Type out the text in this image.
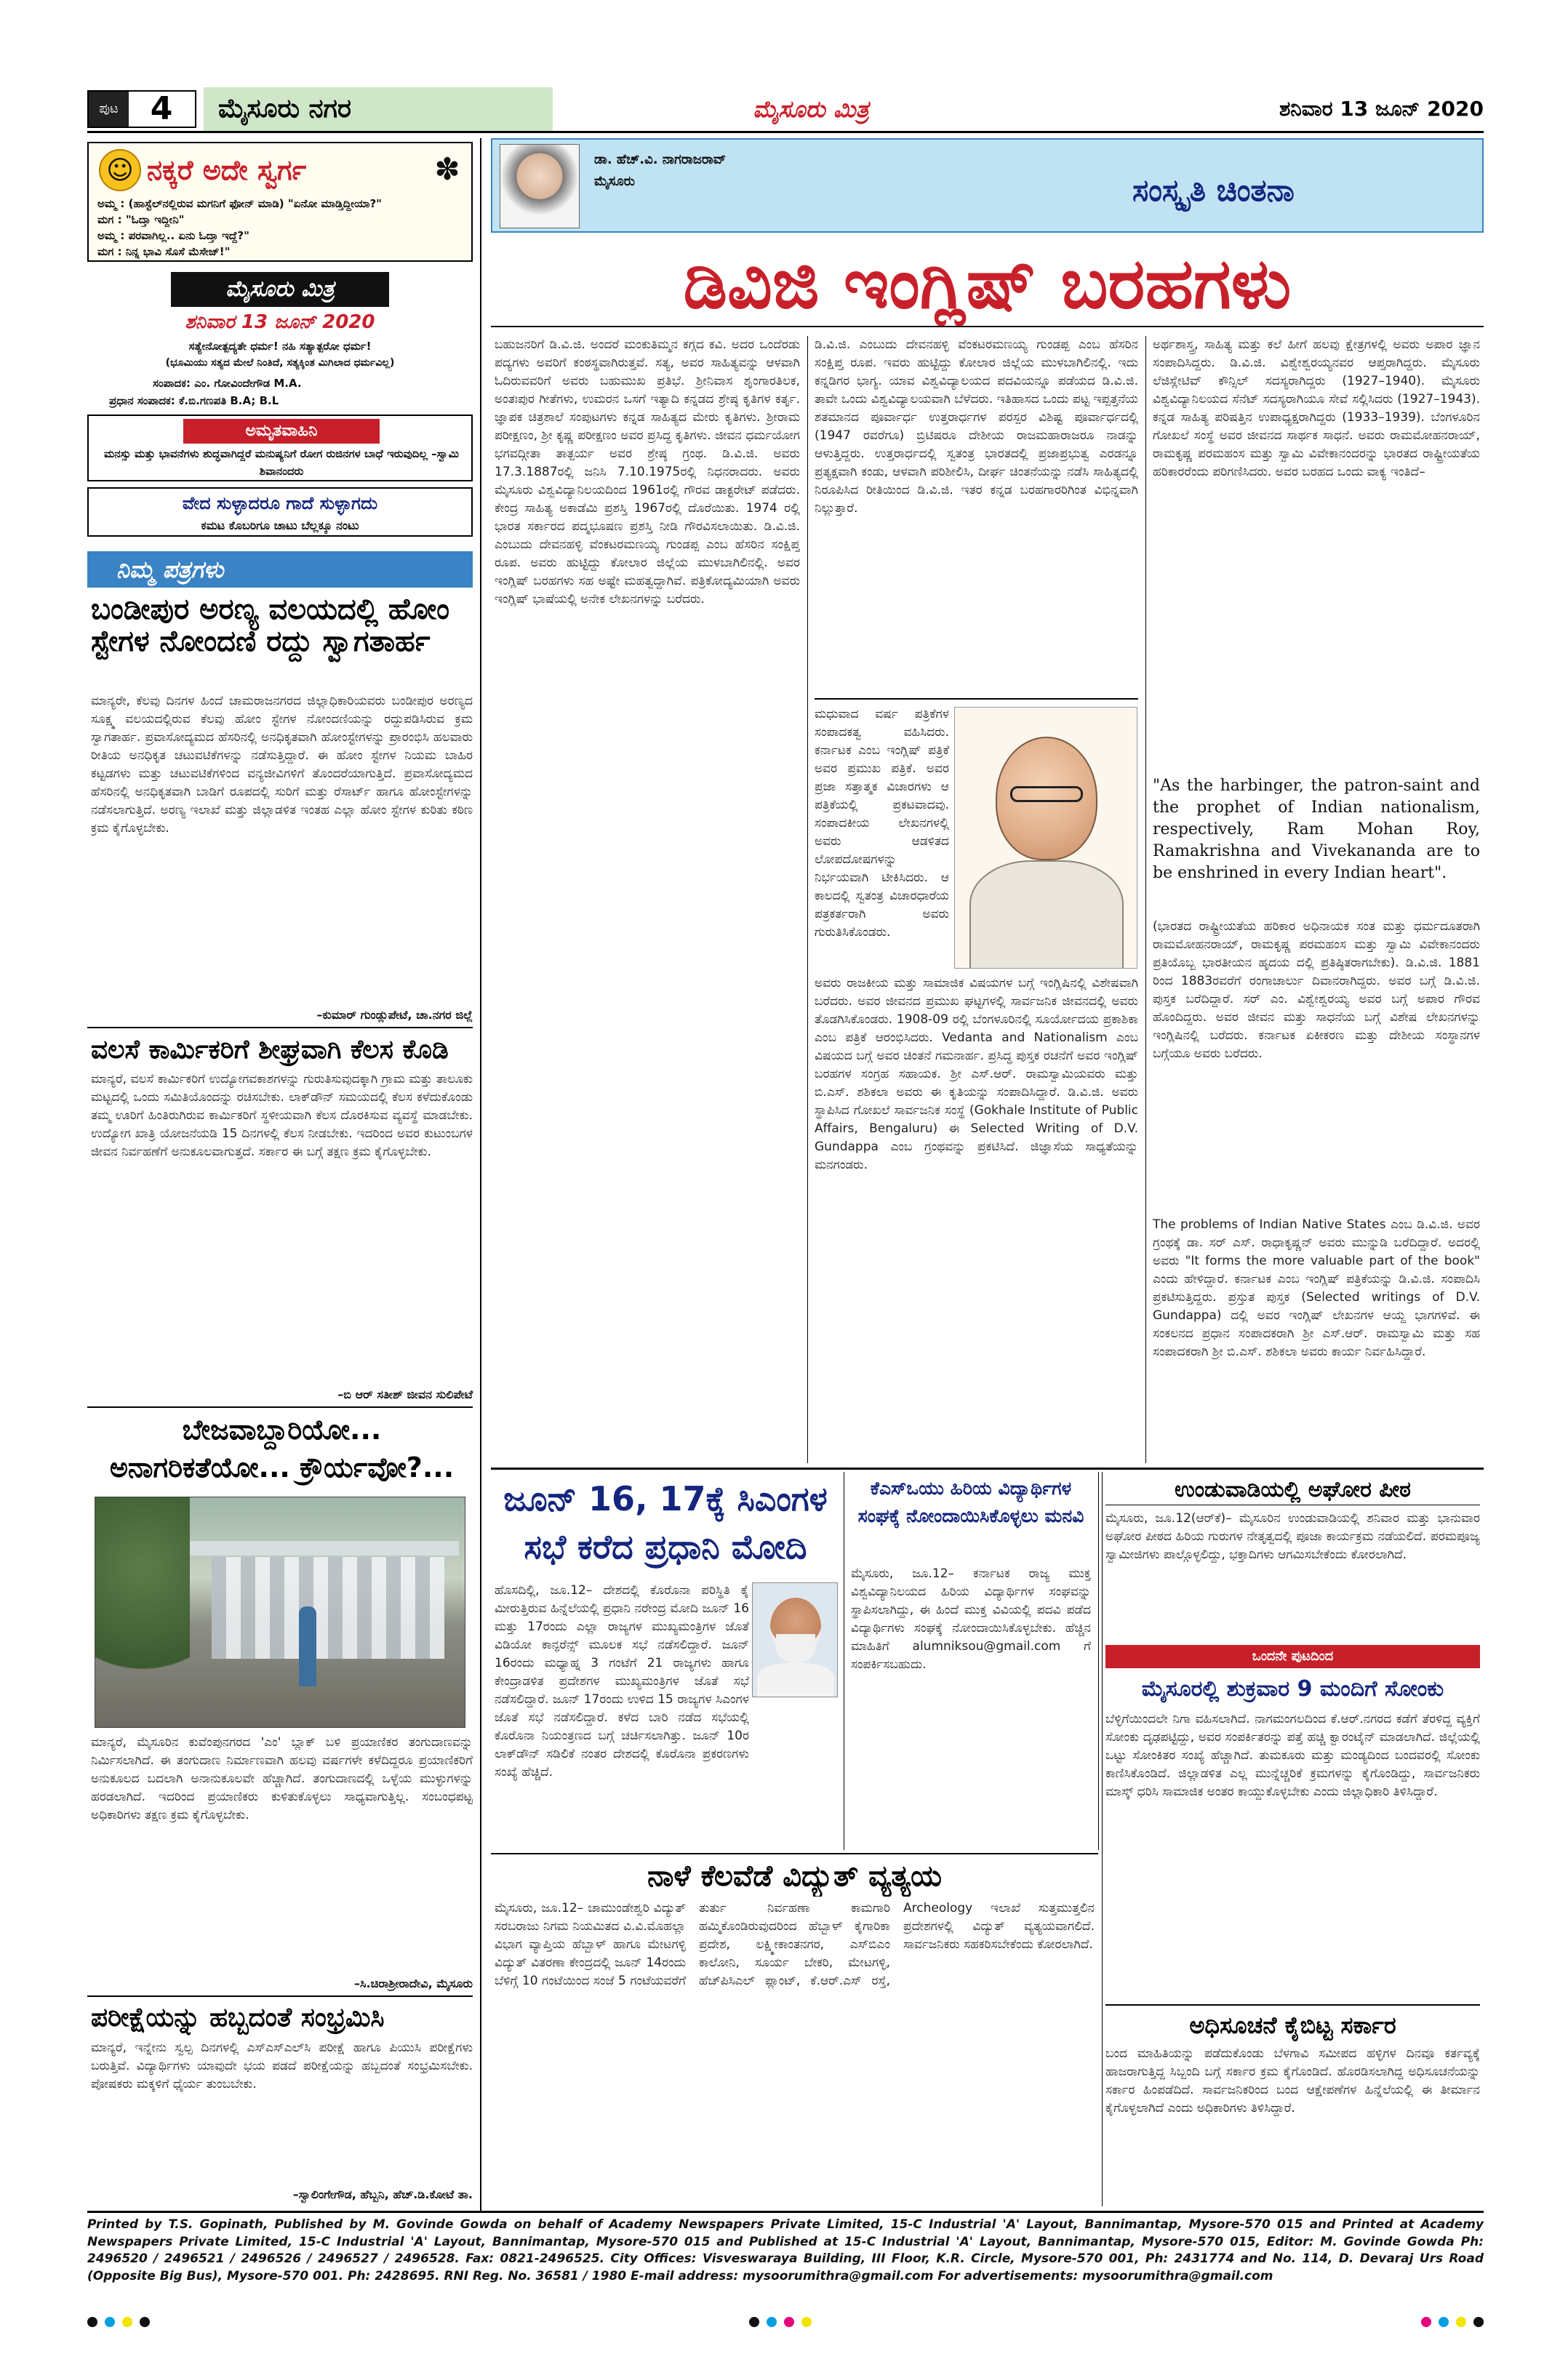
ಪುಟ 4	ಮೈಸೂರು ನಗರ	ಮೈಸೂರು ಮಿತ್ರ	ಶನಿವಾರ 13 ಜೂನ್ 2020
☺ ನಕ್ಕರೆ ಅದೇ ಸ್ವರ್ಗ	✽
ಅಮ್ಮ : (ಹಾಸ್ಟೆಲ್‌ನಲ್ಲಿರುವ ಮಗನಿಗೆ ಫೋನ್ ಮಾಡಿ) "ಏನೋ ಮಾಡ್ತಿದ್ದೀಯಾ?"
ಮಗ : "ಓದ್ತಾ ಇದ್ದೀನಿ"
ಅಮ್ಮ : ಪರವಾಗಿಲ್ಲ.. ಏನು ಓದ್ತಾ ಇದ್ದೆ?"
ಮಗ : ನಿನ್ನ ಭಾವಿ ಸೊಸೆ ಮೆಸೇಜ್!"
ಮೈಸೂರು ಮಿತ್ರ
ಶನಿವಾರ 13 ಜೂನ್ 2020
ಸತ್ಯೇನೋತ್ಪದ್ಯತೇ ಧರ್ಮ! ನಹಿ ಸತ್ಯಾತ್ಪರೋ ಧರ್ಮ!
(ಭೂಮಿಯು ಸತ್ಯದ ಮೇಲೆ ನಿಂತಿದೆ, ಸತ್ಯಕ್ಕಿಂತ ಮಿಗಿಲಾದ ಧರ್ಮವಿಲ್ಲ)
ಸಂಪಾದಕ: ಎಂ. ಗೋವಿಂದೇಗೌಡ M.A.
ಪ್ರಧಾನ ಸಂಪಾದಕ: ಕೆ.ಬಿ.ಗಣಪತಿ B.A; B.L
ಅಮೃತವಾಹಿನಿ
ಮನಸ್ಸು ಮತ್ತು ಭಾವನೆಗಳು ಶುದ್ಧವಾಗಿದ್ದರೆ ಮನುಷ್ಯನಿಗೆ ರೋಗ ರುಜಿನಗಳ ಬಾಧೆ ಇರುವುದಿಲ್ಲ –ಸ್ವಾಮಿ ಶಿವಾನಂದರು
ವೇದ ಸುಳ್ಳಾದರೂ ಗಾದೆ ಸುಳ್ಳಾಗದು
ಕಮಟ ಕೊಬರಿಗೂ ಚಾಟು ಬೆಲ್ಲಕ್ಕೂ ನಂಟು
ನಿಮ್ಮ ಪತ್ರಗಳು
ಬಂಡೀಪುರ ಅರಣ್ಯ ವಲಯದಲ್ಲಿ ಹೋಂ ಸ್ಟೇಗಳ ನೋಂದಣಿ ರದ್ದು ಸ್ವಾಗತಾರ್ಹ
ಮಾನ್ಯರೇ, ಕೆಲವು ದಿನಗಳ ಹಿಂದೆ ಚಾಮರಾಜನಗರದ ಜಿಲ್ಲಾಧಿಕಾರಿಯವರು ಬಂಡೀಪುರ ಅರಣ್ಯದ ಸೂಕ್ಷ್ಮ ವಲಯದಲ್ಲಿರುವ ಕೆಲವು ಹೋಂ ಸ್ಟೇಗಳ ನೋಂದಣಿಯನ್ನು ರದ್ದುಪಡಿಸಿರುವ ಕ್ರಮ ಸ್ವಾಗತಾರ್ಹ. ಪ್ರವಾಸೋದ್ಯಮದ ಹೆಸರಿನಲ್ಲಿ ಅನಧಿಕೃತವಾಗಿ ಹೋಂಸ್ಟೇಗಳನ್ನು ಪ್ರಾರಂಭಿಸಿ ಹಲವಾರು ರೀತಿಯ ಅನಧಿಕೃತ ಚಟುವಟಿಕೆಗಳನ್ನು ನಡೆಸುತ್ತಿದ್ದಾರೆ. ಈ ಹೋಂ ಸ್ಟೇಗಳ ನಿಯಮ ಬಾಹಿರ ಕಟ್ಟಡಗಳು ಮತ್ತು ಚಟುವಟಿಕೆಗಳಿಂದ ವನ್ಯಜೀವಿಗಳಿಗೆ ತೊಂದರೆಯಾಗುತ್ತಿದೆ. ಪ್ರವಾಸೋದ್ಯಮದ ಹೆಸರಿನಲ್ಲಿ ಅನಧಿಕೃತವಾಗಿ ಬಾಡಿಗೆ ರೂಪದಲ್ಲಿ ಸುರಿಗೆ ಮತ್ತು ರೆಸಾರ್ಟ್ ಹಾಗೂ ಹೋಂಸ್ಟೇಗಳನ್ನು ನಡೆಸಲಾಗುತ್ತಿದೆ. ಅರಣ್ಯ ಇಲಾಖೆ ಮತ್ತು ಜಿಲ್ಲಾಡಳಿತ ಇಂತಹ ಎಲ್ಲಾ ಹೋಂ ಸ್ಟೇಗಳ ಕುರಿತು ಕಠಿಣ ಕ್ರಮ ಕೈಗೊಳ್ಳಬೇಕು.
–ಕುಮಾರ್ ಗುಂಡ್ಲುಪೇಟೆ, ಚಾ.ನಗರ ಜಿಲ್ಲೆ
ವಲಸೆ ಕಾರ್ಮಿಕರಿಗೆ ಶೀಘ್ರವಾಗಿ ಕೆಲಸ ಕೊಡಿ
ಮಾನ್ಯರೆ, ವಲಸೆ ಕಾರ್ಮಿಕರಿಗೆ ಉದ್ಯೋಗವಕಾಶಗಳನ್ನು ಗುರುತಿಸುವುದಕ್ಕಾಗಿ ಗ್ರಾಮ ಮತ್ತು ತಾಲೂಕು ಮಟ್ಟದಲ್ಲಿ ಒಂದು ಸಮಿತಿಯೊಂದನ್ನು ರಚಿಸಬೇಕು. ಲಾಕ್‌ಡೌನ್ ಸಮಯದಲ್ಲಿ ಕೆಲಸ ಕಳೆದುಕೊಂಡು ತಮ್ಮ ಊರಿಗೆ ಹಿಂತಿರುಗಿರುವ ಕಾರ್ಮಿಕರಿಗೆ ಸ್ಥಳೀಯವಾಗಿ ಕೆಲಸ ದೊರಕಿಸುವ ವ್ಯವಸ್ಥೆ ಮಾಡಬೇಕು. ಉದ್ಯೋಗ ಖಾತ್ರಿ ಯೋಜನೆಯಡಿ 15 ದಿನಗಳಲ್ಲಿ ಕೆಲಸ ನೀಡಬೇಕು. ಇದರಿಂದ ಅವರ ಕುಟುಂಬಗಳ ಜೀವನ ನಿರ್ವಹಣೆಗೆ ಅನುಕೂಲವಾಗುತ್ತದೆ. ಸರ್ಕಾರ ಈ ಬಗ್ಗೆ ತಕ್ಷಣ ಕ್ರಮ ಕೈಗೊಳ್ಳಬೇಕು.
–ಬಿ ಆರ್ ಸತೀಶ್ ಜೀವನ ಸುಲಿಪೇಟೆ
ಬೇಜವಾಬ್ದಾರಿಯೋ... ಅನಾಗರಿಕತೆಯೋ... ಕ್ರೌರ್ಯವೋ?...
ಮಾನ್ಯರೆ, ಮೈಸೂರಿನ ಕುವೆಂಪುನಗರದ 'ಎಂ' ಬ್ಲಾಕ್ ಬಳಿ ಪ್ರಯಾಣಿಕರ ತಂಗುದಾಣವನ್ನು ನಿರ್ಮಿಸಲಾಗಿದೆ. ಈ ತಂಗುದಾಣ ನಿರ್ಮಾಣವಾಗಿ ಹಲವು ವರ್ಷಗಳೇ ಕಳೆದಿದ್ದರೂ ಪ್ರಯಾಣಿಕರಿಗೆ ಅನುಕೂಲದ ಬದಲಾಗಿ ಅನಾನುಕೂಲವೇ ಹೆಚ್ಚಾಗಿದೆ. ತಂಗುದಾಣದಲ್ಲಿ ಒಳ್ಳೆಯ ಮುಳ್ಳುಗಳನ್ನು ಹರಡಲಾಗಿದೆ. ಇದರಿಂದ ಪ್ರಯಾಣಿಕರು ಕುಳಿತುಕೊಳ್ಳಲು ಸಾಧ್ಯವಾಗುತ್ತಿಲ್ಲ. ಸಂಬಂಧಪಟ್ಟ ಅಧಿಕಾರಿಗಳು ತಕ್ಷಣ ಕ್ರಮ ಕೈಗೊಳ್ಳಬೇಕು.
–ಸಿ.ಚಿರಾಶ್ರೀರಾದೇವಿ, ಮೈಸೂರು
ಪರೀಕ್ಷೆಯನ್ನು ಹಬ್ಬದಂತೆ ಸಂಭ್ರಮಿಸಿ
ಮಾನ್ಯರೆ, ಇನ್ನೇನು ಸ್ವಲ್ಪ ದಿನಗಳಲ್ಲಿ ಎಸ್‌ಎಸ್‌ಎಲ್‌ಸಿ ಪರೀಕ್ಷೆ ಹಾಗೂ ಪಿಯುಸಿ ಪರೀಕ್ಷೆಗಳು ಬರುತ್ತಿವೆ. ವಿದ್ಯಾರ್ಥಿಗಳು ಯಾವುದೇ ಭಯ ಪಡದೆ ಪರೀಕ್ಷೆಯನ್ನು ಹಬ್ಬದಂತೆ ಸಂಭ್ರಮಿಸಬೇಕು. ಪೋಷಕರು ಮಕ್ಕಳಿಗೆ ಧೈರ್ಯ ತುಂಬಬೇಕು.
–ಸ್ವಾಲಿಂಗೇಗೌಡ, ಹೆಬ್ಬನಿ, ಹೆಚ್.ಡಿ.ಕೋಟೆ ತಾ.
ಡಾ. ಹೆಚ್.ವಿ. ನಾಗರಾಜರಾವ್
ಮೈಸೂರು	ಸಂಸ್ಕೃತಿ ಚಿಂತನಾ
ಡಿವಿಜಿ ಇಂಗ್ಲಿಷ್ ಬರಹಗಳು
ಬಹುಜನರಿಗೆ ಡಿ.ವಿ.ಜಿ. ಅಂದರೆ ಮಂಕುತಿಮ್ಮನ ಕಗ್ಗದ ಕವಿ. ಅದರ ಒಂದೆರಡು ಪದ್ಯಗಳು ಅವರಿಗೆ ಕಂಠಸ್ಥವಾಗಿರುತ್ತವೆ. ಸತ್ಯ, ಅವರ ಸಾಹಿತ್ಯವನ್ನು ಆಳವಾಗಿ ಓದಿರುವವರಿಗೆ ಅವರು ಬಹುಮುಖ ಪ್ರತಿಭೆ. ಶ್ರೀನಿವಾಸ ಶೃಂಗಾರತಿಲಕ, ಅಂತಃಪುರ ಗೀತೆಗಳು, ಉಮರನ ಒಸಗೆ ಇತ್ಯಾದಿ ಕನ್ನಡದ ಶ್ರೇಷ್ಠ ಕೃತಿಗಳ ಕರ್ತೃ. ಜ್ಞಾಪಕ ಚಿತ್ರಶಾಲೆ ಸಂಪುಟಗಳು ಕನ್ನಡ ಸಾಹಿತ್ಯದ ಮೇರು ಕೃತಿಗಳು. ಶ್ರೀರಾಮ ಪರೀಕ್ಷಣಂ, ಶ್ರೀ ಕೃಷ್ಣ ಪರೀಕ್ಷಣಂ ಅವರ ಪ್ರಸಿದ್ಧ ಕೃತಿಗಳು. ಜೀವನ ಧರ್ಮಯೋಗ ಭಗವದ್ಗೀತಾ ತಾತ್ಪರ್ಯ ಅವರ ಶ್ರೇಷ್ಠ ಗ್ರಂಥ. ಡಿ.ವಿ.ಜಿ. ಅವರು 17.3.1887ರಲ್ಲಿ ಜನಿಸಿ 7.10.1975ರಲ್ಲಿ ನಿಧನರಾದರು. ಅವರು ಮೈಸೂರು ವಿಶ್ವವಿದ್ಯಾನಿಲಯದಿಂದ 1961ರಲ್ಲಿ ಗೌರವ ಡಾಕ್ಟರೇಟ್ ಪಡೆದರು. ಕೇಂದ್ರ ಸಾಹಿತ್ಯ ಅಕಾಡೆಮಿ ಪ್ರಶಸ್ತಿ 1967ರಲ್ಲಿ ದೊರೆಯಿತು. 1974 ರಲ್ಲಿ ಭಾರತ ಸರ್ಕಾರದ ಪದ್ಮಭೂಷಣ ಪ್ರಶಸ್ತಿ ನೀಡಿ ಗೌರವಿಸಲಾಯಿತು. ಡಿ.ವಿ.ಜಿ. ಎಂಬುದು ದೇವನಹಳ್ಳಿ ವೆಂಕಟರಮಣಯ್ಯ ಗುಂಡಪ್ಪ ಎಂಬ ಹೆಸರಿನ ಸಂಕ್ಷಿಪ್ತ ರೂಪ. ಅವರು ಹುಟ್ಟಿದ್ದು ಕೋಲಾರ ಜಿಲ್ಲೆಯ ಮುಳಬಾಗಿಲಿನಲ್ಲಿ. ಅವರ ಇಂಗ್ಲಿಷ್ ಬರಹಗಳು ಸಹ ಅಷ್ಟೇ ಮಹತ್ವದ್ದಾಗಿವೆ. ಪತ್ರಿಕೋದ್ಯಮಿಯಾಗಿ ಅವರು ಇಂಗ್ಲಿಷ್ ಭಾಷೆಯಲ್ಲಿ ಅನೇಕ ಲೇಖನಗಳನ್ನು ಬರೆದರು.
ಡಿ.ವಿ.ಜಿ. ಎಂಬುದು ದೇವನಹಳ್ಳಿ ವೆಂಕಟರಮಣಯ್ಯ ಗುಂಡಪ್ಪ ಎಂಬ ಹೆಸರಿನ ಸಂಕ್ಷಿಪ್ತ ರೂಪ. ಇವರು ಹುಟ್ಟಿದ್ದು ಕೋಲಾರ ಜಿಲ್ಲೆಯ ಮುಳಬಾಗಿಲಿನಲ್ಲಿ. ಇದು ಕನ್ನಡಿಗರ ಭಾಗ್ಯ. ಯಾವ ವಿಶ್ವವಿದ್ಯಾಲಯದ ಪದವಿಯನ್ನೂ ಪಡೆಯದ ಡಿ.ವಿ.ಜಿ. ತಾವೇ ಒಂದು ವಿಶ್ವವಿದ್ಯಾಲಯವಾಗಿ ಬೆಳೆದರು. ಇತಿಹಾಸದ ಒಂದು ಪಟ್ಟ ಇಪ್ಪತ್ತನೆಯ ಶತಮಾನದ ಪೂರ್ವಾರ್ಧ ಉತ್ತರಾರ್ಧಗಳ ಪರಸ್ಪರ ವಿಶಿಷ್ಟ ಪೂರ್ವಾರ್ಧದಲ್ಲಿ (1947 ರವರೆಗೂ) ಬ್ರಿಟಿಷರೂ ದೇಶೀಯ ರಾಜಮಹಾರಾಜರೂ ನಾಡನ್ನು ಆಳುತ್ತಿದ್ದರು. ಉತ್ತರಾರ್ಧದಲ್ಲಿ ಸ್ವತಂತ್ರ ಭಾರತದಲ್ಲಿ ಪ್ರಜಾಪ್ರಭುತ್ವ ಎರಡನ್ನೂ ಪ್ರತ್ಯಕ್ಷವಾಗಿ ಕಂಡು, ಆಳವಾಗಿ ಪರಿಶೀಲಿಸಿ, ದೀರ್ಘ ಚಿಂತನೆಯನ್ನು ನಡೆಸಿ ಸಾಹಿತ್ಯದಲ್ಲಿ ನಿರೂಪಿಸಿದ ರೀತಿಯಿಂದ ಡಿ.ವಿ.ಜಿ. ಇತರ ಕನ್ನಡ ಬರಹಗಾರರಿಗಿಂತ ವಿಭಿನ್ನವಾಗಿ ನಿಲ್ಲುತ್ತಾರೆ.
ಮಧುವಾದ ವರ್ಷ ಪತ್ರಿಕೆಗಳ ಸಂಪಾದಕತ್ವ ವಹಿಸಿದರು. ಕರ್ನಾಟಕ ಎಂಬ ಇಂಗ್ಲಿಷ್ ಪತ್ರಿಕೆ ಅವರ ಪ್ರಮುಖ ಪತ್ರಿಕೆ. ಅವರ ಪ್ರಜಾ ಸತ್ತಾತ್ಮಕ ವಿಚಾರಗಳು ಆ ಪತ್ರಿಕೆಯಲ್ಲಿ ಪ್ರಕಟವಾದವು. ಸಂಪಾದಕೀಯ ಲೇಖನಗಳಲ್ಲಿ ಅವರು ಆಡಳಿತದ ಲೋಪದೋಷಗಳನ್ನು ನಿರ್ಭಯವಾಗಿ ಟೀಕಿಸಿದರು. ಆ ಕಾಲದಲ್ಲಿ ಸ್ವತಂತ್ರ ವಿಚಾರಧಾರೆಯ ಪತ್ರಕರ್ತರಾಗಿ ಅವರು ಗುರುತಿಸಿಕೊಂಡರು.
ಅವರು ರಾಜಕೀಯ ಮತ್ತು ಸಾಮಾಜಿಕ ವಿಷಯಗಳ ಬಗ್ಗೆ ಇಂಗ್ಲಿಷಿನಲ್ಲಿ ವಿಶೇಷವಾಗಿ ಬರೆದರು. ಅವರ ಜೀವನದ ಪ್ರಮುಖ ಘಟ್ಟಗಳಲ್ಲಿ ಸಾರ್ವಜನಿಕ ಜೀವನದಲ್ಲಿ ಅವರು ತೊಡಗಿಸಿಕೊಂಡರು. 1908-09 ರಲ್ಲಿ ಬೆಂಗಳೂರಿನಲ್ಲಿ ಸೂರ್ಯೋದಯ ಪ್ರಕಾಶಿಕಾ ಎಂಬ ಪತ್ರಿಕೆ ಆರಂಭಿಸಿದರು. Vedanta and Nationalism ಎಂಬ ವಿಷಯದ ಬಗ್ಗೆ ಅವರ ಚಿಂತನೆ ಗಮನಾರ್ಹ. ಪ್ರಸಿದ್ಧ ಪುಸ್ತಕ ರಚನೆಗೆ ಅವರ ಇಂಗ್ಲಿಷ್ ಬರಹಗಳ ಸಂಗ್ರಹ ಸಹಾಯಕ. ಶ್ರೀ ಎಸ್.ಆರ್. ರಾಮಸ್ವಾಮಿಯವರು ಮತ್ತು ಬಿ.ಎಸ್. ಶಶಿಕಲಾ ಅವರು ಈ ಕೃತಿಯನ್ನು ಸಂಪಾದಿಸಿದ್ದಾರೆ. ಡಿ.ವಿ.ಜಿ. ಅವರು ಸ್ಥಾಪಿಸಿದ ಗೋಖಲೆ ಸಾರ್ವಜನಿಕ ಸಂಸ್ಥೆ (Gokhale Institute of Public Affairs, Bengaluru) ಈ Selected Writing of D.V. Gundappa ಎಂಬ ಗ್ರಂಥವನ್ನು ಪ್ರಕಟಿಸಿದೆ. ಜಿಜ್ಞಾಸೆಯ ಸಾಧ್ಯತೆಯನ್ನು ಮನಗಂಡರು.
ಅರ್ಥಶಾಸ್ತ್ರ, ಸಾಹಿತ್ಯ ಮತ್ತು ಕಲೆ ಹೀಗೆ ಹಲವು ಕ್ಷೇತ್ರಗಳಲ್ಲಿ ಅವರು ಅಪಾರ ಜ್ಞಾನ ಸಂಪಾದಿಸಿದ್ದರು. ಡಿ.ವಿ.ಜಿ. ವಿಶ್ವೇಶ್ವರಯ್ಯನವರ ಆಪ್ತರಾಗಿದ್ದರು. ಮೈಸೂರು ಲೆಜಿಸ್ಲೇಟಿವ್ ಕೌನ್ಸಿಲ್ ಸದಸ್ಯರಾಗಿದ್ದರು (1927–1940). ಮೈಸೂರು ವಿಶ್ವವಿದ್ಯಾನಿಲಯದ ಸೆನೆಟ್ ಸದಸ್ಯರಾಗಿಯೂ ಸೇವೆ ಸಲ್ಲಿಸಿದರು (1927–1943). ಕನ್ನಡ ಸಾಹಿತ್ಯ ಪರಿಷತ್ತಿನ ಉಪಾಧ್ಯಕ್ಷರಾಗಿದ್ದರು (1933–1939). ಬೆಂಗಳೂರಿನ ಗೋಖಲೆ ಸಂಸ್ಥೆ ಅವರ ಜೀವನದ ಸಾರ್ಥಕ ಸಾಧನೆ. ಅವರು ರಾಮಮೋಹನರಾಯ್, ರಾಮಕೃಷ್ಣ ಪರಮಹಂಸ ಮತ್ತು ಸ್ವಾಮಿ ವಿವೇಕಾನಂದರನ್ನು ಭಾರತದ ರಾಷ್ಟ್ರೀಯತೆಯ ಹರಿಕಾರರೆಂದು ಪರಿಗಣಿಸಿದರು. ಅವರ ಬರಹದ ಒಂದು ವಾಕ್ಯ ಇಂತಿದೆ–
"As the harbinger, the patron-saint and the prophet of Indian nationalism, respectively, Ram Mohan Roy, Ramakrishna and Vivekananda are to be enshrined in every Indian heart".
(ಭಾರತದ ರಾಷ್ಟ್ರೀಯತೆಯ ಹರಿಕಾರ ಅಧಿನಾಯಕ ಸಂತ ಮತ್ತು ಧರ್ಮದೂತರಾಗಿ ರಾಮಮೋಹನರಾಯ್, ರಾಮಕೃಷ್ಣ ಪರಮಹಂಸ ಮತ್ತು ಸ್ವಾಮಿ ವಿವೇಕಾನಂದರು ಪ್ರತಿಯೊಬ್ಬ ಭಾರತೀಯನ ಹೃದಯ ದಲ್ಲಿ ಪ್ರತಿಷ್ಠಿತರಾಗಬೇಕು). ಡಿ.ವಿ.ಜಿ. 1881 ರಿಂದ 1883ರವರೆಗೆ ರಂಗಾಚಾರ್ಲು ದಿವಾನರಾಗಿದ್ದರು. ಅವರ ಬಗ್ಗೆ ಡಿ.ವಿ.ಜಿ. ಪುಸ್ತಕ ಬರೆದಿದ್ದಾರೆ. ಸರ್ ಎಂ. ವಿಶ್ವೇಶ್ವರಯ್ಯ ಅವರ ಬಗ್ಗೆ ಅಪಾರ ಗೌರವ ಹೊಂದಿದ್ದರು. ಅವರ ಜೀವನ ಮತ್ತು ಸಾಧನೆಯ ಬಗ್ಗೆ ವಿಶೇಷ ಲೇಖನಗಳನ್ನು ಇಂಗ್ಲಿಷಿನಲ್ಲಿ ಬರೆದರು. ಕರ್ನಾಟಕ ಏಕೀಕರಣ ಮತ್ತು ದೇಶೀಯ ಸಂಸ್ಥಾನಗಳ ಬಗ್ಗೆಯೂ ಅವರು ಬರೆದರು.
The problems of Indian Native States ಎಂಬ ಡಿ.ವಿ.ಜಿ. ಅವರ ಗ್ರಂಥಕ್ಕೆ ಡಾ. ಸರ್ ಎಸ್. ರಾಧಾಕೃಷ್ಣನ್ ಅವರು ಮುನ್ನುಡಿ ಬರೆದಿದ್ದಾರೆ. ಅದರಲ್ಲಿ ಅವರು "It forms the more valuable part of the book" ಎಂದು ಹೇಳಿದ್ದಾರೆ. ಕರ್ನಾಟಕ ಎಂಬ ಇಂಗ್ಲಿಷ್ ಪತ್ರಿಕೆಯನ್ನು ಡಿ.ವಿ.ಜಿ. ಸಂಪಾದಿಸಿ ಪ್ರಕಟಿಸುತ್ತಿದ್ದರು. ಪ್ರಸ್ತುತ ಪುಸ್ತಕ (Selected writings of D.V. Gundappa) ದಲ್ಲಿ ಅವರ ಇಂಗ್ಲಿಷ್ ಲೇಖನಗಳ ಆಯ್ದ ಭಾಗಗಳಿವೆ. ಈ ಸಂಕಲನದ ಪ್ರಧಾನ ಸಂಪಾದಕರಾಗಿ ಶ್ರೀ ಎಸ್.ಆರ್. ರಾಮಸ್ವಾಮಿ ಮತ್ತು ಸಹ ಸಂಪಾದಕರಾಗಿ ಶ್ರೀ ಬಿ.ಎಸ್. ಶಶಿಕಲಾ ಅವರು ಕಾರ್ಯ ನಿರ್ವಹಿಸಿದ್ದಾರೆ.
ಜೂನ್ 16, 17ಕ್ಕೆ ಸಿಎಂಗಳ ಸಭೆ ಕರೆದ ಪ್ರಧಾನಿ ಮೋದಿ
ಹೊಸದಿಲ್ಲಿ, ಜೂ.12– ದೇಶದಲ್ಲಿ ಕೊರೊನಾ ಪರಿಸ್ಥಿತಿ ಕೈ ಮೀರುತ್ತಿರುವ ಹಿನ್ನೆಲೆಯಲ್ಲಿ ಪ್ರಧಾನಿ ನರೇಂದ್ರ ಮೋದಿ ಜೂನ್ 16 ಮತ್ತು 17ರಂದು ಎಲ್ಲಾ ರಾಜ್ಯಗಳ ಮುಖ್ಯಮಂತ್ರಿಗಳ ಜೊತೆ ವಿಡಿಯೋ ಕಾನ್ಫರೆನ್ಸ್ ಮೂಲಕ ಸಭೆ ನಡೆಸಲಿದ್ದಾರೆ. ಜೂನ್ 16ರಂದು ಮಧ್ಯಾಹ್ನ 3 ಗಂಟೆಗೆ 21 ರಾಜ್ಯಗಳು ಹಾಗೂ ಕೇಂದ್ರಾಡಳಿತ ಪ್ರದೇಶಗಳ ಮುಖ್ಯಮಂತ್ರಿಗಳ ಜೊತೆ ಸಭೆ ನಡೆಸಲಿದ್ದಾರೆ. ಜೂನ್ 17ರಂದು ಉಳಿದ 15 ರಾಜ್ಯಗಳ ಸಿಎಂಗಳ ಜೊತೆ ಸಭೆ ನಡೆಸಲಿದ್ದಾರೆ. ಕಳೆದ ಬಾರಿ ನಡೆದ ಸಭೆಯಲ್ಲಿ ಕೊರೊನಾ ನಿಯಂತ್ರಣದ ಬಗ್ಗೆ ಚರ್ಚಿಸಲಾಗಿತ್ತು. ಜೂನ್ 10ರ ಲಾಕ್‌ಡೌನ್ ಸಡಿಲಿಕೆ ನಂತರ ದೇಶದಲ್ಲಿ ಕೊರೊನಾ ಪ್ರಕರಣಗಳು ಸಂಖ್ಯೆ ಹೆಚ್ಚಿದೆ.
ಕೆಎಸ್‌ಒಯು ಹಿರಿಯ ವಿದ್ಯಾರ್ಥಿಗಳ ಸಂಘಕ್ಕೆ ನೋಂದಾಯಿಸಿಕೊಳ್ಳಲು ಮನವಿ
ಮೈಸೂರು, ಜೂ.12– ಕರ್ನಾಟಕ ರಾಜ್ಯ ಮುಕ್ತ ವಿಶ್ವವಿದ್ಯಾನಿಲಯದ ಹಿರಿಯ ವಿದ್ಯಾರ್ಥಿಗಳ ಸಂಘವನ್ನು ಸ್ಥಾಪಿಸಲಾಗಿದ್ದು, ಈ ಹಿಂದೆ ಮುಕ್ತ ವಿವಿಯಲ್ಲಿ ಪದವಿ ಪಡೆದ ವಿದ್ಯಾರ್ಥಿಗಳು ಸಂಘಕ್ಕೆ ನೋಂದಾಯಿಸಿಕೊಳ್ಳಬೇಕು. ಹೆಚ್ಚಿನ ಮಾಹಿತಿಗೆ alumniksou@gmail.com ಗೆ ಸಂಪರ್ಕಿಸಬಹುದು.
ಉಂಡುವಾಡಿಯಲ್ಲಿ ಅಘೋರ ಪೀಠ
ಮೈಸೂರು, ಜೂ.12(ಆರ್‌ಕೆ)– ಮೈಸೂರಿನ ಉಂಡುವಾಡಿಯಲ್ಲಿ ಶನಿವಾರ ಮತ್ತು ಭಾನುವಾರ ಅಘೋರ ಪೀಠದ ಹಿರಿಯ ಗುರುಗಳ ನೇತೃತ್ವದಲ್ಲಿ ಪೂಜಾ ಕಾರ್ಯಕ್ರಮ ನಡೆಯಲಿದೆ. ಪರಮಪೂಜ್ಯ ಸ್ವಾಮೀಜಿಗಳು ಪಾಲ್ಗೊಳ್ಳಲಿದ್ದು, ಭಕ್ತಾದಿಗಳು ಆಗಮಿಸಬೇಕೆಂದು ಕೋರಲಾಗಿದೆ.
ಒಂದನೇ ಪುಟದಿಂದ
ಮೈಸೂರಲ್ಲಿ ಶುಕ್ರವಾರ 9 ಮಂದಿಗೆ ಸೋಂಕು
ಬೆಳ್ಳಿಗೆಯಿಂದಲೇ ನಿಗಾ ವಹಿಸಲಾಗಿದೆ. ನಾಗಮಂಗಲದಿಂದ ಕೆ.ಆರ್.ನಗರದ ಕಡೆಗೆ ತೆರಳಿದ್ದ ವ್ಯಕ್ತಿಗೆ ಸೋಂಕು ದೃಢಪಟ್ಟಿದ್ದು, ಅವರ ಸಂಪರ್ಕಿತರನ್ನು ಪತ್ತೆ ಹಚ್ಚಿ ಕ್ವಾರಂಟೈನ್ ಮಾಡಲಾಗಿದೆ. ಜಿಲ್ಲೆಯಲ್ಲಿ ಒಟ್ಟು ಸೋಂಕಿತರ ಸಂಖ್ಯೆ ಹೆಚ್ಚಾಗಿದೆ. ತುಮಕೂರು ಮತ್ತು ಮಂಡ್ಯದಿಂದ ಬಂದವರಲ್ಲಿ ಸೋಂಕು ಕಾಣಿಸಿಕೊಂಡಿದೆ. ಜಿಲ್ಲಾಡಳಿತ ಎಲ್ಲ ಮುನ್ನೆಚ್ಚರಿಕೆ ಕ್ರಮಗಳನ್ನು ಕೈಗೊಂಡಿದ್ದು, ಸಾರ್ವಜನಿಕರು ಮಾಸ್ಕ್ ಧರಿಸಿ ಸಾಮಾಜಿಕ ಅಂತರ ಕಾಯ್ದುಕೊಳ್ಳಬೇಕು ಎಂದು ಜಿಲ್ಲಾಧಿಕಾರಿ ತಿಳಿಸಿದ್ದಾರೆ.
ಅಧಿಸೂಚನೆ ಕೈಬಿಟ್ಟ ಸರ್ಕಾರ
ಬಂದ ಮಾಹಿತಿಯನ್ನು ಪಡೆದುಕೊಂಡು ಬೆಳಗಾವಿ ಸಮೀಪದ ಹಳ್ಳಿಗಳ ದಿನವೂ ಕರ್ತವ್ಯಕ್ಕೆ ಹಾಜರಾಗುತ್ತಿದ್ದ ಸಿಬ್ಬಂದಿ ಬಗ್ಗೆ ಸರ್ಕಾರ ಕ್ರಮ ಕೈಗೊಂಡಿದೆ. ಹೊರಡಿಸಲಾಗಿದ್ದ ಅಧಿಸೂಚನೆಯನ್ನು ಸರ್ಕಾರ ಹಿಂಪಡೆದಿದೆ. ಸಾರ್ವಜನಿಕರಿಂದ ಬಂದ ಆಕ್ಷೇಪಣೆಗಳ ಹಿನ್ನೆಲೆಯಲ್ಲಿ ಈ ತೀರ್ಮಾನ ಕೈಗೊಳ್ಳಲಾಗಿದೆ ಎಂದು ಅಧಿಕಾರಿಗಳು ತಿಳಿಸಿದ್ದಾರೆ.
ನಾಳೆ ಕೆಲವೆಡೆ ವಿದ್ಯುತ್ ವ್ಯತ್ಯಯ
ಮೈಸೂರು, ಜೂ.12– ಚಾಮುಂಡೇಶ್ವರಿ ವಿದ್ಯುತ್ ಸರಬರಾಜು ನಿಗಮ ನಿಯಮಿತದ ವಿ.ವಿ.ಮೊಹಲ್ಲಾ ವಿಭಾಗ ವ್ಯಾಪ್ತಿಯ ಹೆಬ್ಬಾಳ್ ಹಾಗೂ ಮೇಟಗಳ್ಳಿ ವಿದ್ಯುತ್ ವಿತರಣಾ ಕೇಂದ್ರದಲ್ಲಿ ಜೂನ್ 14ರಂದು ಬೆಳಿಗ್ಗೆ 10 ಗಂಟೆಯಿಂದ ಸಂಜೆ 5 ಗಂಟೆಯವರೆಗೆ ತುರ್ತು ನಿರ್ವಹಣಾ ಕಾಮಗಾರಿ ಹಮ್ಮಿಕೊಂಡಿರುವುದರಿಂದ ಹೆಬ್ಬಾಳ್ ಕೈಗಾರಿಕಾ ಪ್ರದೇಶ, ಲಕ್ಷ್ಮೀಕಾಂತನಗರ, ಎಸ್‌ಬಿಎಂ ಕಾಲೋನಿ, ಸೂರ್ಯ ಬೇಕರಿ, ಮೇಟಗಳ್ಳಿ, ಹೆಚ್‌ಪಿಸಿಎಲ್ ಪ್ಲಾಂಟ್, ಕೆ.ಆರ್.ಎಸ್ ರಸ್ತೆ, Archeology ಇಲಾಖೆ ಸುತ್ತಮುತ್ತಲಿನ ಪ್ರದೇಶಗಳಲ್ಲಿ ವಿದ್ಯುತ್ ವ್ಯತ್ಯಯವಾಗಲಿದೆ. ಸಾರ್ವಜನಿಕರು ಸಹಕರಿಸಬೇಕೆಂದು ಕೋರಲಾಗಿದೆ.
Printed by T.S. Gopinath, Published by M. Govinde Gowda on behalf of Academy Newspapers Private Limited, 15-C Industrial 'A' Layout, Bannimantap, Mysore-570 015 and Printed at Academy Newspapers Private Limited, 15-C Industrial 'A' Layout, Bannimantap, Mysore-570 015 and Published at 15-C Industrial 'A' Layout, Bannimantap, Mysore-570 015, Editor: M. Govinde Gowda Ph: 2496520 / 2496521 / 2496526 / 2496527 / 2496528. Fax: 0821-2496525. City Offices: Visveswaraya Building, III Floor, K.R. Circle, Mysore-570 001, Ph: 2431774 and No. 114, D. Devaraj Urs Road (Opposite Big Bus), Mysore-570 001. Ph: 2428695. RNI Reg. No. 36581 / 1980 E-mail address: mysoorumithra@gmail.com For advertisements: mysoorumithra@gmail.com
